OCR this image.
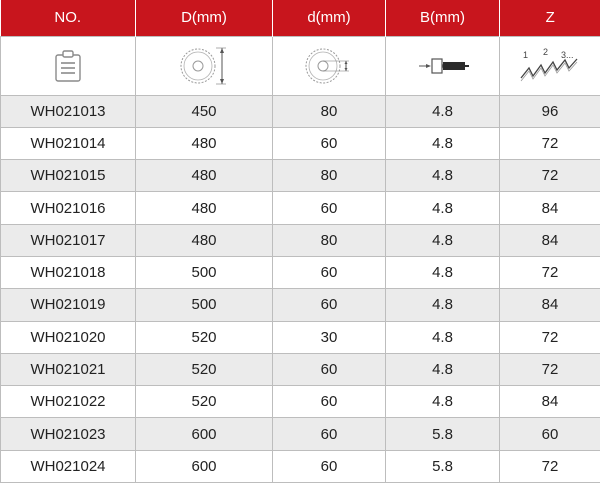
NO.	D(mm)	d(mm)	B(mm)	Z

1 2 3...

WH021013	450	80	4.8	96
WH021014	480	60	4.8	72
WH021015	480	80	4.8	72
WH021016	480	60	4.8	84
WH021017	480	80	4.8	84
WH021018	500	60	4.8	72
WH021019	500	60	4.8	84
WH021020	520	30	4.8	72
WH021021	520	60	4.8	72
WH021022	520	60	4.8	84
WH021023	600	60	5.8	60
WH021024	600	60	5.8	72
